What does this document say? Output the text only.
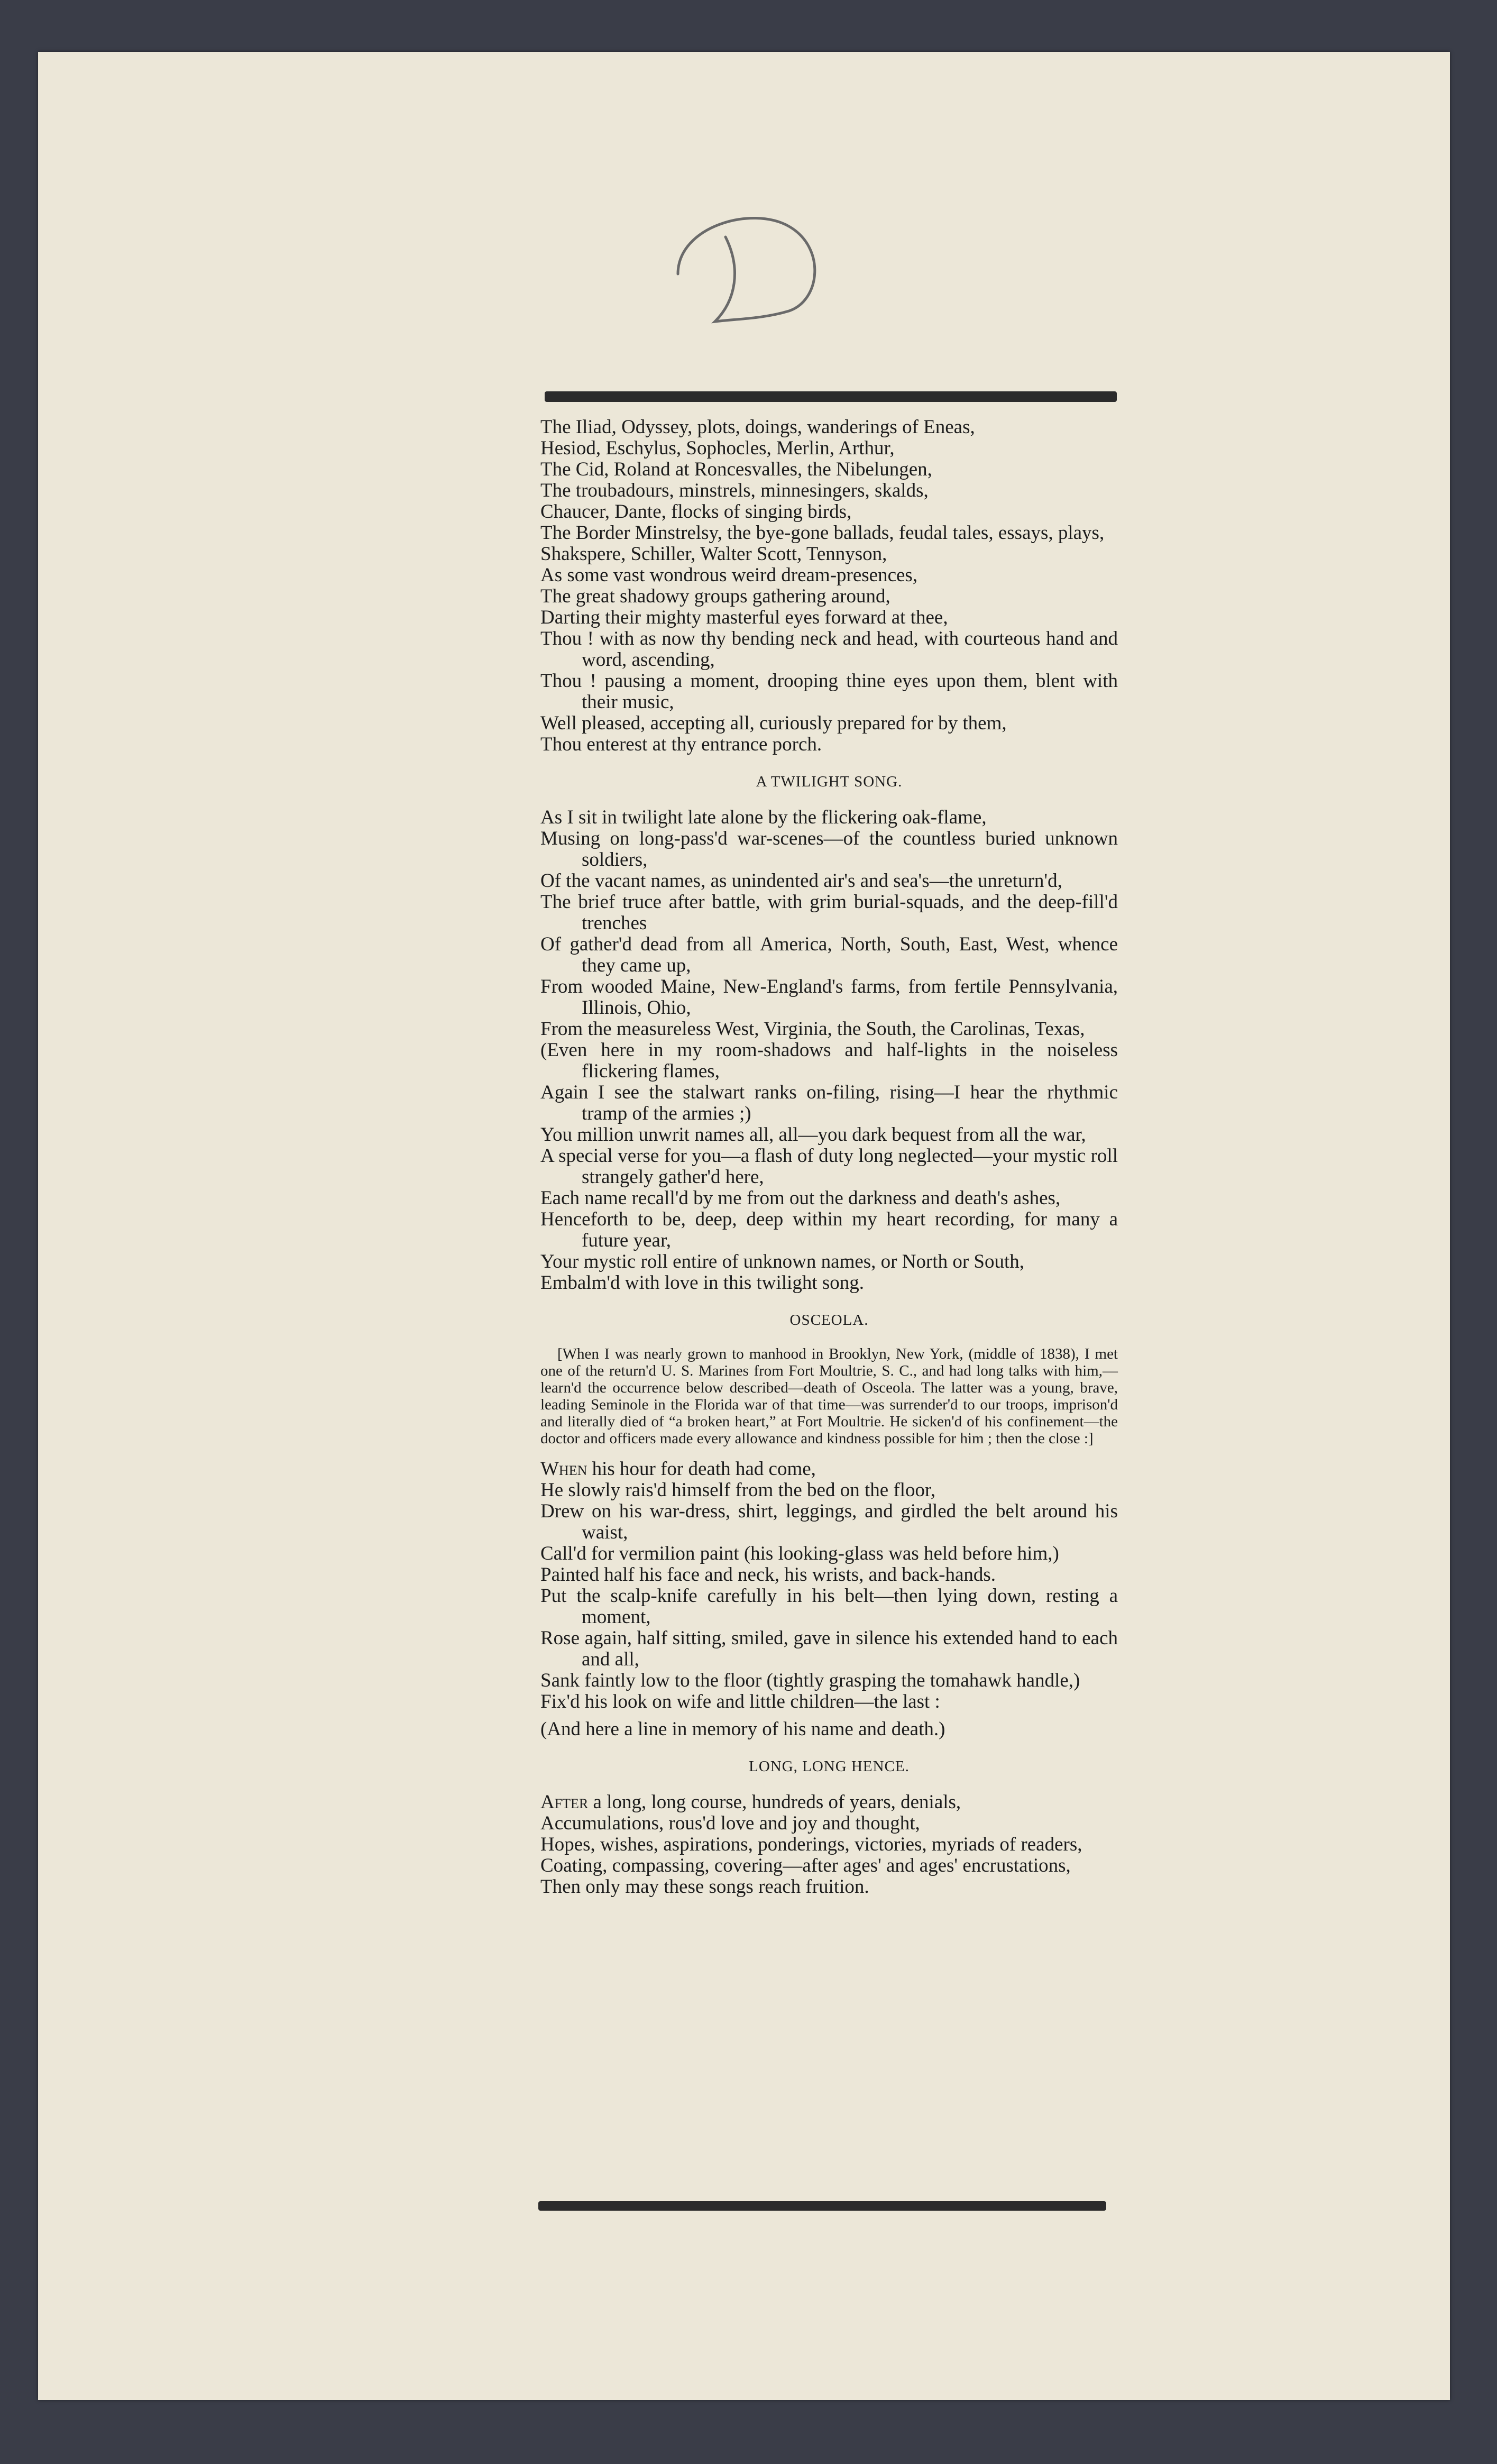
The Iliad, Odyssey, plots, doings, wanderings of Eneas,

Hesiod, Eschylus, Sophocles, Merlin, Arthur,

The Cid, Roland at Roncesvalles, the Nibelungen,

The troubadours, minstrels, minnesingers, skalds,

Chaucer, Dante, flocks of singing birds,

The Border Minstrelsy, the bye-gone ballads, feudal tales, essays, plays,

Shakspere, Schiller, Walter Scott, Tennyson,

As some vast wondrous weird dream-presences,

The great shadowy groups gathering around,

Darting their mighty masterful eyes forward at thee,

Thou ! with as now thy bending neck and head, with courteous hand and word, ascending,

Thou ! pausing a moment, drooping thine eyes upon them, blent with their music,

Well pleased, accepting all, curiously prepared for by them,

Thou enterest at thy entrance porch.

A TWILIGHT SONG.

As I sit in twilight late alone by the flickering oak-flame,

Musing on long-pass'd war-scenes—of the countless buried unknown soldiers,

Of the vacant names, as unindented air's and sea's—the unreturn'd,

The brief truce after battle, with grim burial-squads, and the deep-fill'd trenches

Of gather'd dead from all America, North, South, East, West, whence they came up,

From wooded Maine, New-England's farms, from fertile Pennsylvania, Illinois, Ohio,

From the measureless West, Virginia, the South, the Carolinas, Texas,

(Even here in my room-shadows and half-lights in the noiseless flickering flames,

Again I see the stalwart ranks on-filing, rising—I hear the rhythmic tramp of the armies ;)

You million unwrit names all, all—you dark bequest from all the war,

A special verse for you—a flash of duty long neglected—your mystic roll strangely gather'd here,

Each name recall'd by me from out the darkness and death's ashes,

Henceforth to be, deep, deep within my heart recording, for many a future year,

Your mystic roll entire of unknown names, or North or South,

Embalm'd with love in this twilight song.

OSCEOLA.

[When I was nearly grown to manhood in Brooklyn, New York, (middle of 1838), I met one of the return'd U. S. Marines from Fort Moultrie, S. C., and had long talks with him,—learn'd the occurrence below described—death of Osceola. The latter was a young, brave, leading Seminole in the Florida war of that time—was surrender'd to our troops, imprison'd and literally died of “a broken heart,” at Fort Moultrie. He sicken'd of his confinement—the doctor and officers made every allowance and kindness possible for him ; then the close :]

When his hour for death had come,

He slowly rais'd himself from the bed on the floor,

Drew on his war-dress, shirt, leggings, and girdled the belt around his waist,

Call'd for vermilion paint (his looking-glass was held before him,)

Painted half his face and neck, his wrists, and back-hands.

Put the scalp-knife carefully in his belt—then lying down, resting a moment,

Rose again, half sitting, smiled, gave in silence his extended hand to each and all,

Sank faintly low to the floor (tightly grasping the tomahawk handle,)

Fix'd his look on wife and little children—the last :

(And here a line in memory of his name and death.)

LONG, LONG HENCE.

After a long, long course, hundreds of years, denials,

Accumulations, rous'd love and joy and thought,

Hopes, wishes, aspirations, ponderings, victories, myriads of readers,

Coating, compassing, covering—after ages' and ages' encrustations,

Then only may these songs reach fruition.
